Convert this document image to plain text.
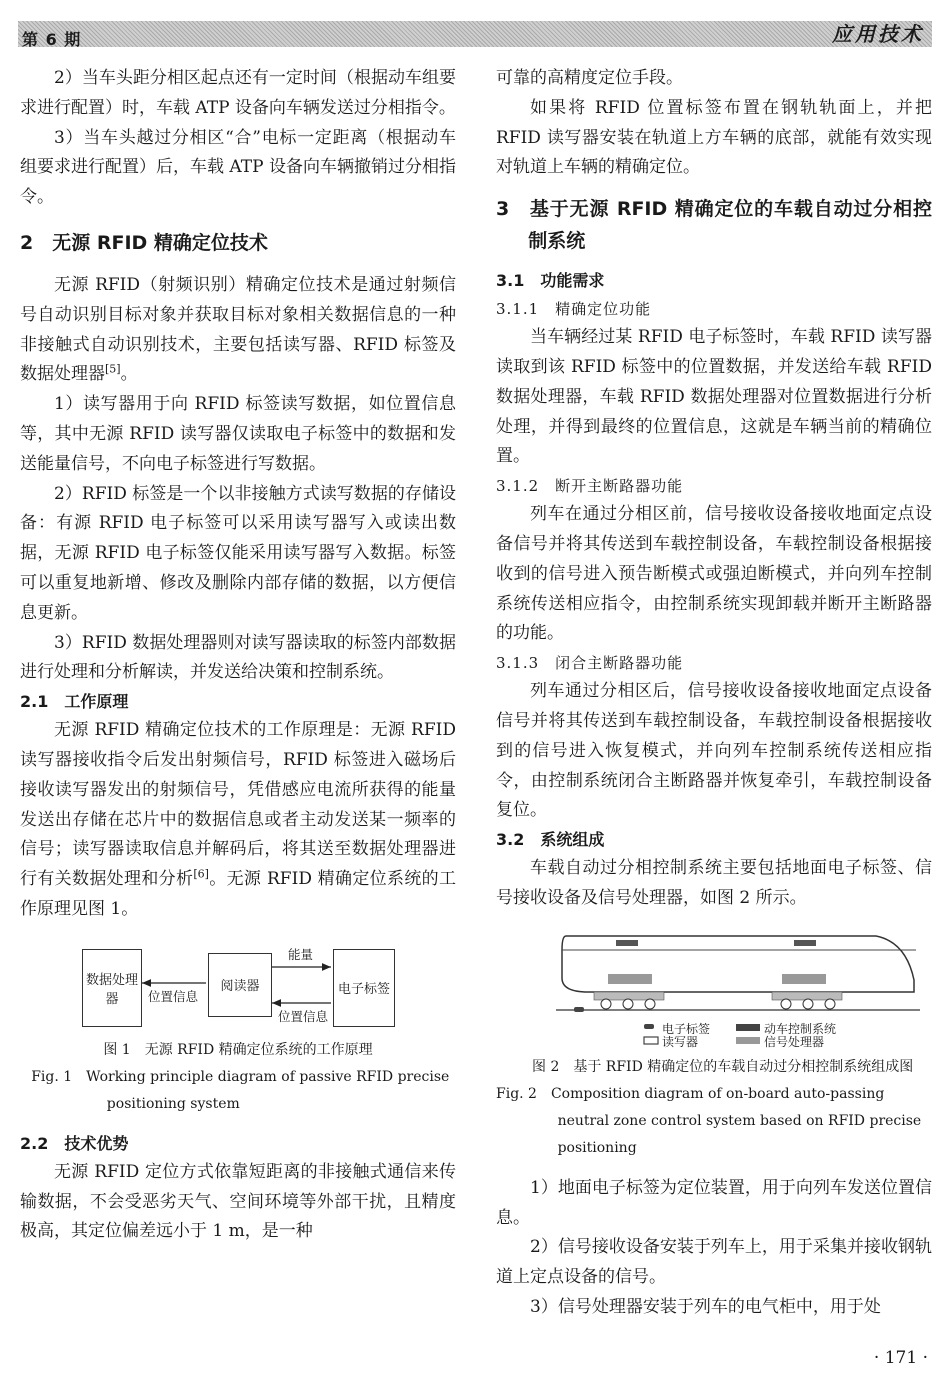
第 6 期	应用技术

2）当车头距分相区起点还有一定时间（根据动车组要求进行配置）时，车载 ATP 设备向车辆发送过分相指令。

3）当车头越过分相区“合”电标一定距离（根据动车组要求进行配置）后，车载 ATP 设备向车辆撤销过分相指令。

2　无源 RFID 精确定位技术

无源 RFID（射频识别）精确定位技术是通过射频信号自动识别目标对象并获取目标对象相关数据信息的一种非接触式自动识别技术，主要包括读写器、RFID 标签及数据处理器[5]。

1）读写器用于向 RFID 标签读写数据，如位置信息等，其中无源 RFID 读写器仅读取电子标签中的数据和发送能量信号，不向电子标签进行写数据。

2）RFID 标签是一个以非接触方式读写数据的存储设备：有源 RFID 电子标签可以采用读写器写入或读出数据，无源 RFID 电子标签仅能采用读写器写入数据。标签可以重复地新增、修改及删除内部存储的数据，以方便信息更新。

3）RFID 数据处理器则对读写器读取的标签内部数据进行处理和分析解读，并发送给决策和控制系统。

2.1　工作原理

无源 RFID 精确定位技术的工作原理是：无源 RFID 读写器接收指令后发出射频信号，RFID 标签进入磁场后接收读写器发出的射频信号，凭借感应电流所获得的能量发送出存储在芯片中的数据信息或者主动发送某一频率的信号；读写器读取信息并解码后，将其送至数据处理器进行有关数据处理和分析[6]。无源 RFID 精确定位系统的工作原理见图 1。

数据处理器
阅读器	电子标签
能量
位置信息
位置信息

图 1　无源 RFID 精确定位系统的工作原理

Fig. 1　Working principle diagram of passive RFID precise positioning system

2.2　技术优势

无源 RFID 定位方式依靠短距离的非接触式通信来传输数据，不会受恶劣天气、空间环境等外部干扰，且精度极高，其定位偏差远小于 1 m，是一种

可靠的高精度定位手段。

如果将 RFID 位置标签布置在钢轨轨面上，并把 RFID 读写器安装在轨道上方车辆的底部，就能有效实现对轨道上车辆的精确定位。

3　基于无源 RFID 精确定位的车载自动过分相控制系统

3.1　功能需求

3.1.1　精确定位功能

当车辆经过某 RFID 电子标签时，车载 RFID 读写器读取到该 RFID 标签中的位置数据，并发送给车载 RFID 数据处理器，车载 RFID 数据处理器对位置数据进行分析处理，并得到最终的位置信息，这就是车辆当前的精确位置。

3.1.2　断开主断路器功能

列车在通过分相区前，信号接收设备接收地面定点设备信号并将其传送到车载控制设备，车载控制设备根据接收到的信号进入预告断模式或强迫断模式，并向列车控制系统传送相应指令，由控制系统实现卸载并断开主断路器的功能。

3.1.3　闭合主断路器功能

列车通过分相区后，信号接收设备接收地面定点设备信号并将其传送到车载控制设备，车载控制设备根据接收到的信号进入恢复模式，并向列车控制系统传送相应指令，由控制系统闭合主断路器并恢复牵引，车载控制设备复位。

3.2　系统组成

车载自动过分相控制系统主要包括地面电子标签、信号接收设备及信号处理器，如图 2 所示。

电子标签
读写器
动车控制系统
信号处理器

图 2　基于 RFID 精确定位的车载自动过分相控制系统组成图

Fig. 2　Composition diagram of on-board auto-passing neutral zone control system based on RFID precise positioning

1）地面电子标签为定位装置，用于向列车发送位置信息。

2）信号接收设备安装于列车上，用于采集并接收钢轨道上定点设备的信号。

3）信号处理器安装于列车的电气柜中，用于处

· 171 ·
